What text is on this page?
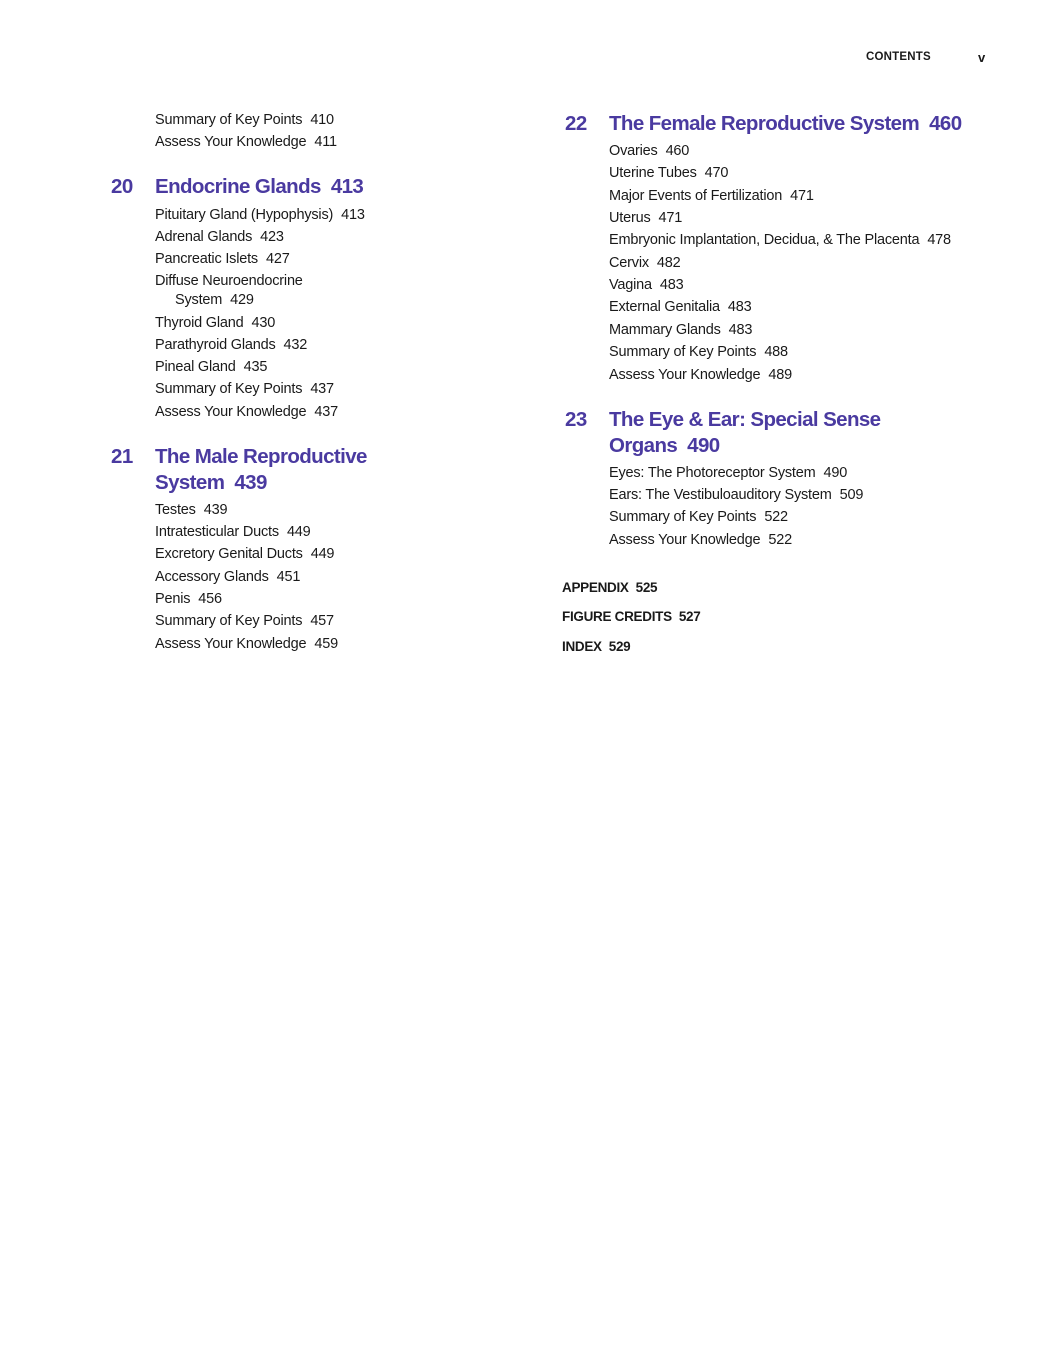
CONTENTS	v
Summary of Key Points 410
Assess Your Knowledge 411
20 Endocrine Glands 413
Pituitary Gland (Hypophysis) 413
Adrenal Glands 423
Pancreatic Islets 427
Diffuse Neuroendocrine
System 429
Thyroid Gland 430
Parathyroid Glands 432
Pineal Gland 435
Summary of Key Points 437
Assess Your Knowledge 437
21 The Male Reproductive
System 439
Testes 439
Intratesticular Ducts 449
Excretory Genital Ducts 449
Accessory Glands 451
Penis 456
Summary of Key Points 457
Assess Your Knowledge 459
22 The Female Reproductive System 460
Ovaries 460
Uterine Tubes 470
Major Events of Fertilization 471
Uterus 471
Embryonic Implantation, Decidua, & The Placenta 478
Cervix 482
Vagina 483
External Genitalia 483
Mammary Glands 483
Summary of Key Points 488
Assess Your Knowledge 489
23 The Eye & Ear: Special Sense
Organs 490
Eyes: The Photoreceptor System 490
Ears: The Vestibuloauditory System 509
Summary of Key Points 522
Assess Your Knowledge 522
APPENDIX 525
FIGURE CREDITS 527
INDEX 529
